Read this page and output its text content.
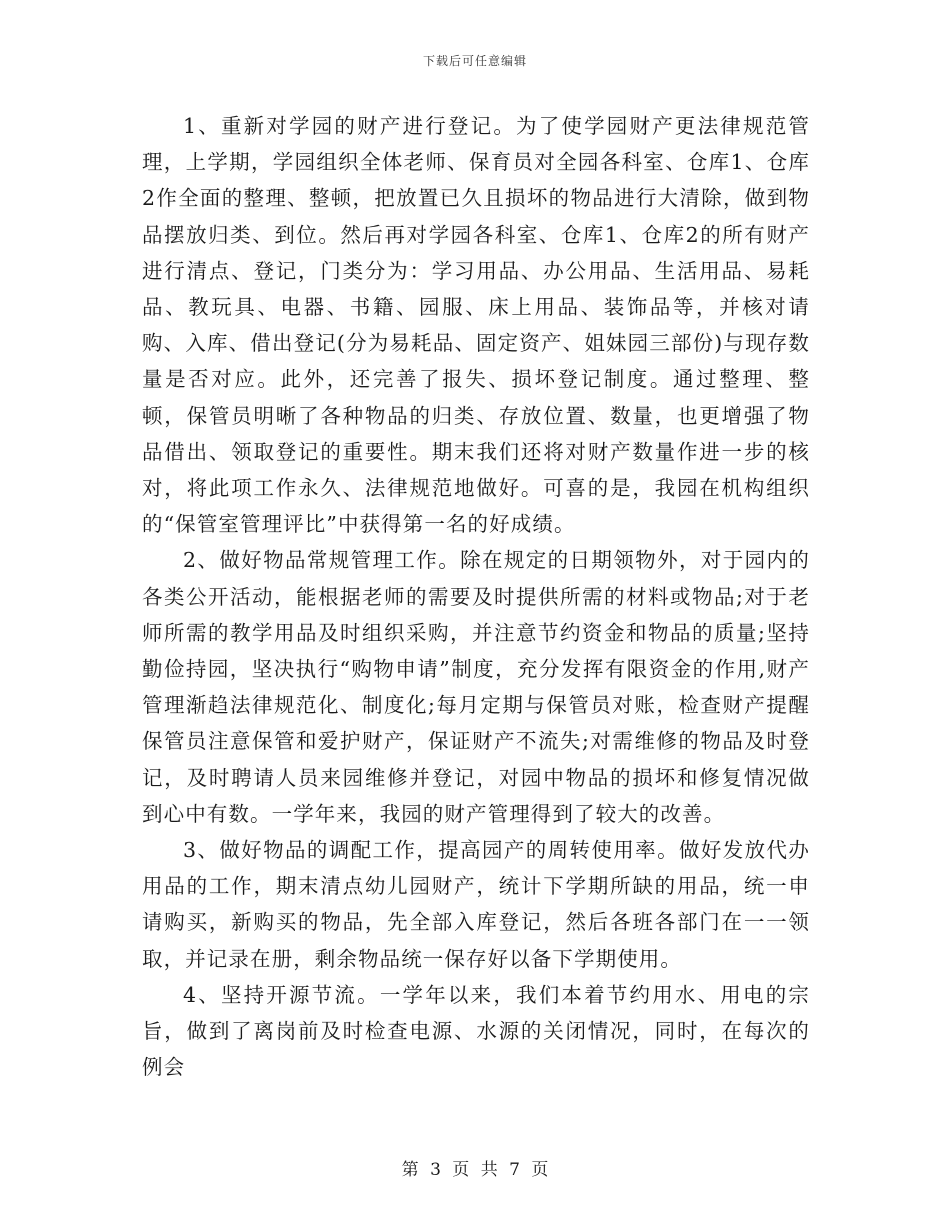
下载后可任意编辑

1、重新对学园的财产进行登记。为了使学园财产更法律规范管理，上学期，学园组织全体老师、保育员对全园各科室、仓库1、仓库2作全面的整理、整顿，把放置已久且损坏的物品进行大清除，做到物品摆放归类、到位。然后再对学园各科室、仓库1、仓库2的所有财产进行清点、登记，门类分为：学习用品、办公用品、生活用品、易耗品、教玩具、电器、书籍、园服、床上用品、装饰品等，并核对请购、入库、借出登记(分为易耗品、固定资产、姐妹园三部份)与现存数量是否对应。此外，还完善了报失、损坏登记制度。通过整理、整顿，保管员明晰了各种物品的归类、存放位置、数量，也更增强了物品借出、领取登记的重要性。期末我们还将对财产数量作进一步的核对，将此项工作永久、法律规范地做好。可喜的是，我园在机构组织的“保管室管理评比”中获得第一名的好成绩。

2、做好物品常规管理工作。除在规定的日期领物外，对于园内的各类公开活动，能根据老师的需要及时提供所需的材料或物品;对于老师所需的教学用品及时组织采购，并注意节约资金和物品的质量;坚持勤俭持园，坚决执行“购物申请”制度，充分发挥有限资金的作用,财产管理渐趋法律规范化、制度化;每月定期与保管员对账，检查财产提醒保管员注意保管和爱护财产，保证财产不流失;对需维修的物品及时登记，及时聘请人员来园维修并登记，对园中物品的损坏和修复情况做到心中有数。一学年来，我园的财产管理得到了较大的改善。

3、做好物品的调配工作，提高园产的周转使用率。做好发放代办用品的工作，期末清点幼儿园财产，统计下学期所缺的用品，统一申请购买，新购买的物品，先全部入库登记，然后各班各部门在一一领取，并记录在册，剩余物品统一保存好以备下学期使用。

4、坚持开源节流。一学年以来，我们本着节约用水、用电的宗旨，做到了离岗前及时检查电源、水源的关闭情况，同时，在每次的例会

第 3 页 共 7 页
